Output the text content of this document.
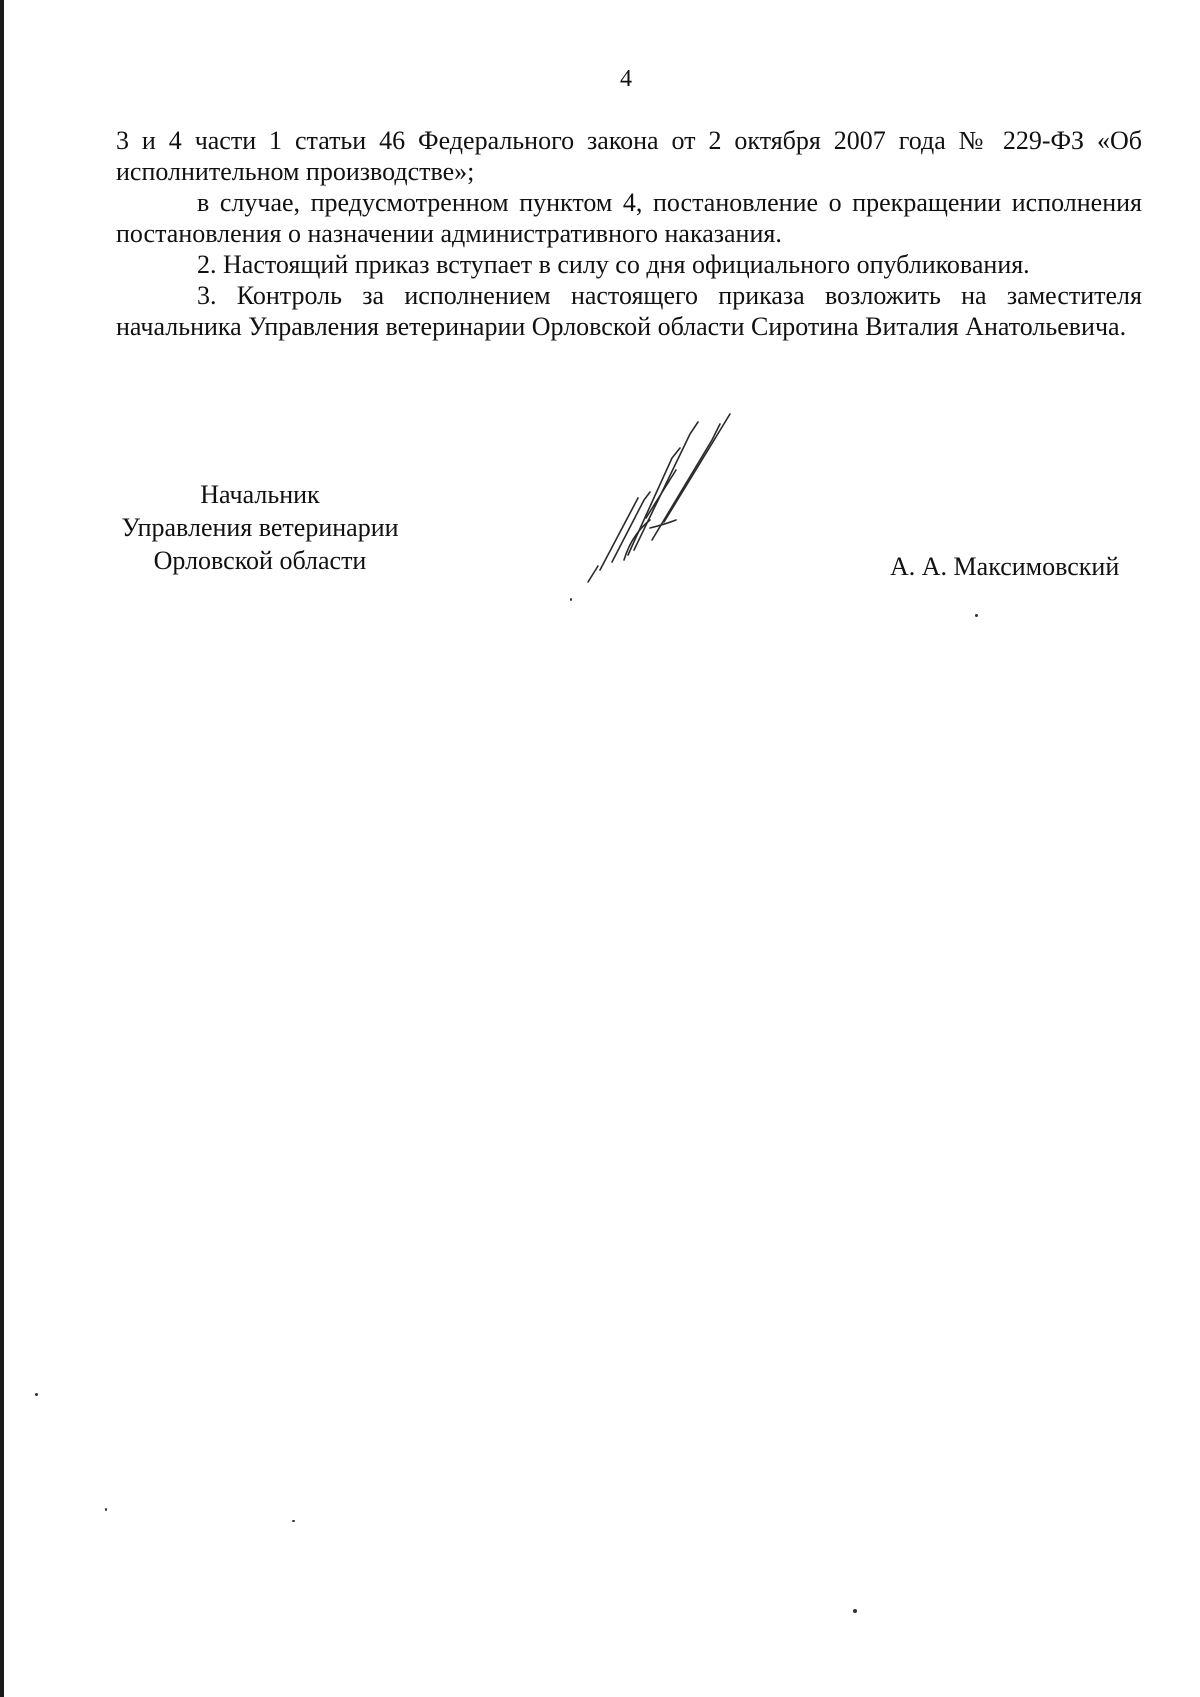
4

3 и 4 части 1 статьи 46 Федерального закона от 2 октября 2007 года № 229-ФЗ «Об исполнительном производстве»;

в случае, предусмотренном пунктом 4, постановление о прекращении исполнения постановления о назначении административного наказания.

2. Настоящий приказ вступает в силу со дня официального опубликования.

3. Контроль за исполнением настоящего приказа возложить на заместителя начальника Управления ветеринарии Орловской области Сиротина Виталия Анатольевича.

Начальник
Управления ветеринарии
Орловской области	А. А. Максимовский
